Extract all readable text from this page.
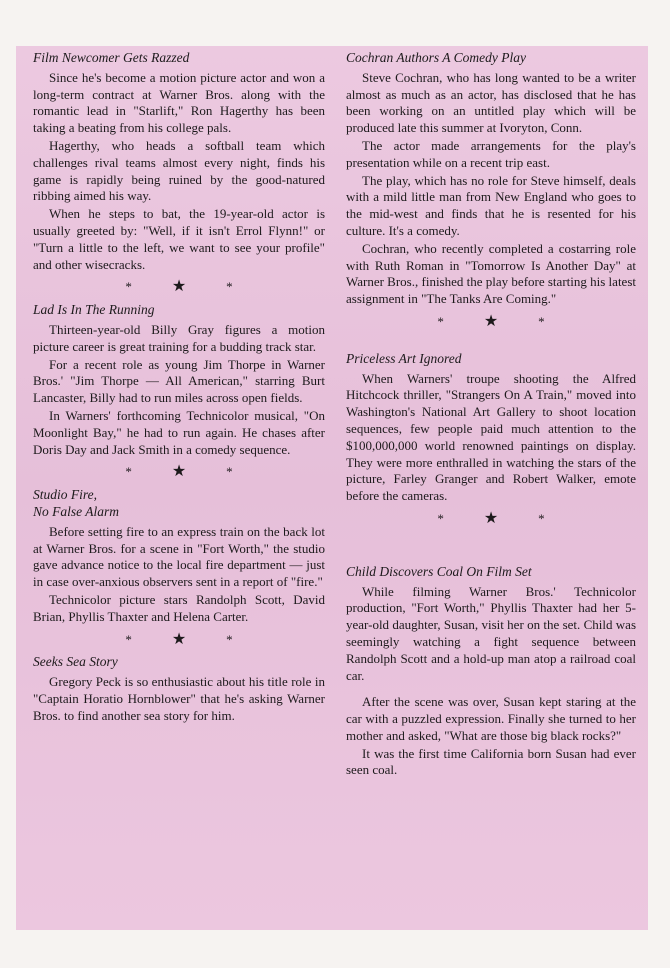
Film Newcomer Gets Razzed

Since he's become a motion picture actor and won a long-term contract at Warner Bros. along with the romantic lead in "Starlift," Ron Hagerthy has been taking a beating from his college pals.

Hagerthy, who heads a softball team which challenges rival teams almost every night, finds his game is rapidly being ruined by the good-natured ribbing aimed his way.

When he steps to bat, the 19-year-old actor is usually greeted by: "Well, if it isn't Errol Flynn!" or "Turn a little to the left, we want to see your profile" and other wisecracks.

*	★	*
Lad Is In The Running

Thirteen-year-old Billy Gray figures a motion picture career is great training for a budding track star.

For a recent role as young Jim Thorpe in Warner Bros.' "Jim Thorpe — All American," starring Burt Lancaster, Billy had to run miles across open fields.

In Warners' forthcoming Technicolor musical, "On Moonlight Bay," he had to run again. He chases after Doris Day and Jack Smith in a comedy sequence.

*	★	*
Studio Fire,
No False Alarm

Before setting fire to an express train on the back lot at Warner Bros. for a scene in "Fort Worth," the studio gave advance notice to the local fire department — just in case over-anxious observers sent in a report of "fire."

Technicolor picture stars Randolph Scott, David Brian, Phyllis Thaxter and Helena Carter.

*	★	*
Seeks Sea Story

Gregory Peck is so enthusiastic about his title role in "Captain Horatio Hornblower" that he's asking Warner Bros. to find another sea story for him.

Cochran Authors A Comedy Play

Steve Cochran, who has long wanted to be a writer almost as much as an actor, has disclosed that he has been working on an untitled play which will be produced late this summer at Ivoryton, Conn.

The actor made arrangements for the play's presentation while on a recent trip east.

The play, which has no role for Steve himself, deals with a mild little man from New England who goes to the mid-west and finds that he is resented for his culture. It's a comedy.

Cochran, who recently completed a costarring role with Ruth Roman in "Tomorrow Is Another Day" at Warner Bros., finished the play before starting his latest assignment in "The Tanks Are Coming."

*	★	*
Priceless Art Ignored

When Warners' troupe shooting the Alfred Hitchcock thriller, "Strangers On A Train," moved into Washington's National Art Gallery to shoot location sequences, few people paid much attention to the $100,000,000 world renowned paintings on display. They were more enthralled in watching the stars of the picture, Farley Granger and Robert Walker, emote before the cameras.

*	★	*
Child Discovers Coal On Film Set

While filming Warner Bros.' Technicolor production, "Fort Worth," Phyllis Thaxter had her 5-year-old daughter, Susan, visit her on the set. Child was seemingly watching a fight sequence between Randolph Scott and a hold-up man atop a railroad coal car.

After the scene was over, Susan kept staring at the car with a puzzled expression. Finally she turned to her mother and asked, "What are those big black rocks?"

It was the first time California born Susan had ever seen coal.
